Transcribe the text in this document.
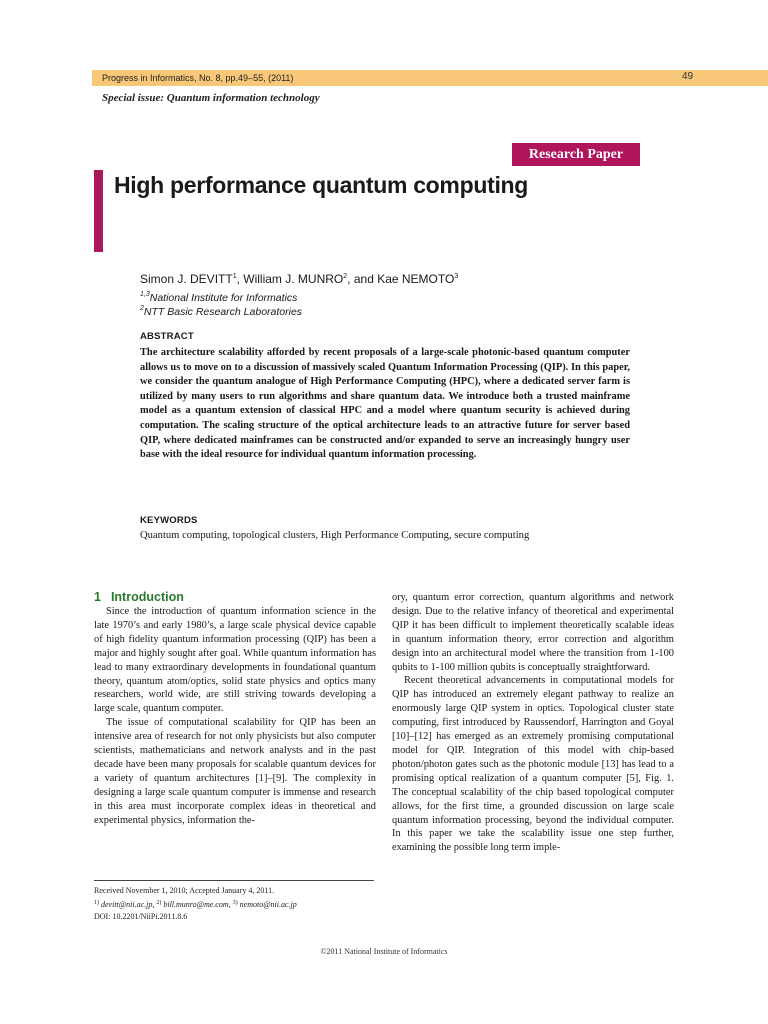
Progress in Informatics, No. 8, pp.49–55, (2011)	49
Special issue: Quantum information technology
Research Paper
High performance quantum computing
Simon J. DEVITT$^1$, William J. MUNRO$^2$, and Kae NEMOTO$^3$
$^{1,3}$National Institute for Informatics
$^2$NTT Basic Research Laboratories
ABSTRACT
The architecture scalability afforded by recent proposals of a large-scale photonic-based quantum computer allows us to move on to a discussion of massively scaled Quantum Information Processing (QIP). In this paper, we consider the quantum analogue of High Performance Computing (HPC), where a dedicated server farm is utilized by many users to run algorithms and share quantum data. We introduce both a trusted mainframe model as a quantum extension of classical HPC and a model where quantum security is achieved during computation. The scaling structure of the optical architecture leads to an attractive future for server based QIP, where dedicated mainframes can be constructed and/or expanded to serve an increasingly hungry user base with the ideal resource for individual quantum information processing.
KEYWORDS
Quantum computing, topological clusters, High Performance Computing, secure computing
1 Introduction

Since the introduction of quantum information science in the late 1970’s and early 1980’s, a large scale physical device capable of high fidelity quantum information processing (QIP) has been a major and highly sought after goal. While quantum information has lead to many extraordinary developments in foundational quantum theory, quantum atom/optics, solid state physics and optics many researchers, world wide, are still striving towards developing a large scale, quantum computer.

The issue of computational scalability for QIP has been an intensive area of research for not only physicists but also computer scientists, mathematicians and network analysts and in the past decade have been many proposals for scalable quantum devices for a variety of quantum architectures [1]–[9]. The complexity in designing a large scale quantum computer is immense and research in this area must incorporate complex ideas in theoretical and experimental physics, information the-

ory, quantum error correction, quantum algorithms and network design. Due to the relative infancy of theoretical and experimental QIP it has been difficult to implement theoretically scalable ideas in quantum information theory, error correction and algorithm design into an architectural model where the transition from 1-100 qubits to 1-100 million qubits is conceptually straightforward.

Recent theoretical advancements in computational models for QIP has introduced an extremely elegant pathway to realize an enormously large QIP system in optics. Topological cluster state computing, first introduced by Raussendorf, Harrington and Goyal [10]–[12] has emerged as an extremely promising computational model for QIP. Integration of this model with chip-based photon/photon gates such as the photonic module [13] has lead to a promising optical realization of a quantum computer [5], Fig. 1. The conceptual scalability of the chip based topological computer allows, for the first time, a grounded discussion on large scale quantum information processing, beyond the individual computer. In this paper we take the scalability issue one step further, examining the possible long term imple-

Received November 1, 2010; Accepted January 4, 2011.
$^{1)}$ devitt@nii.ac.jp, $^{2)}$ bill.munro@me.com, $^{3)}$ nemoto@nii.ac.jp
DOI: 10.2201/NiiPi.2011.8.6
©2011 National Institute of Informatics
